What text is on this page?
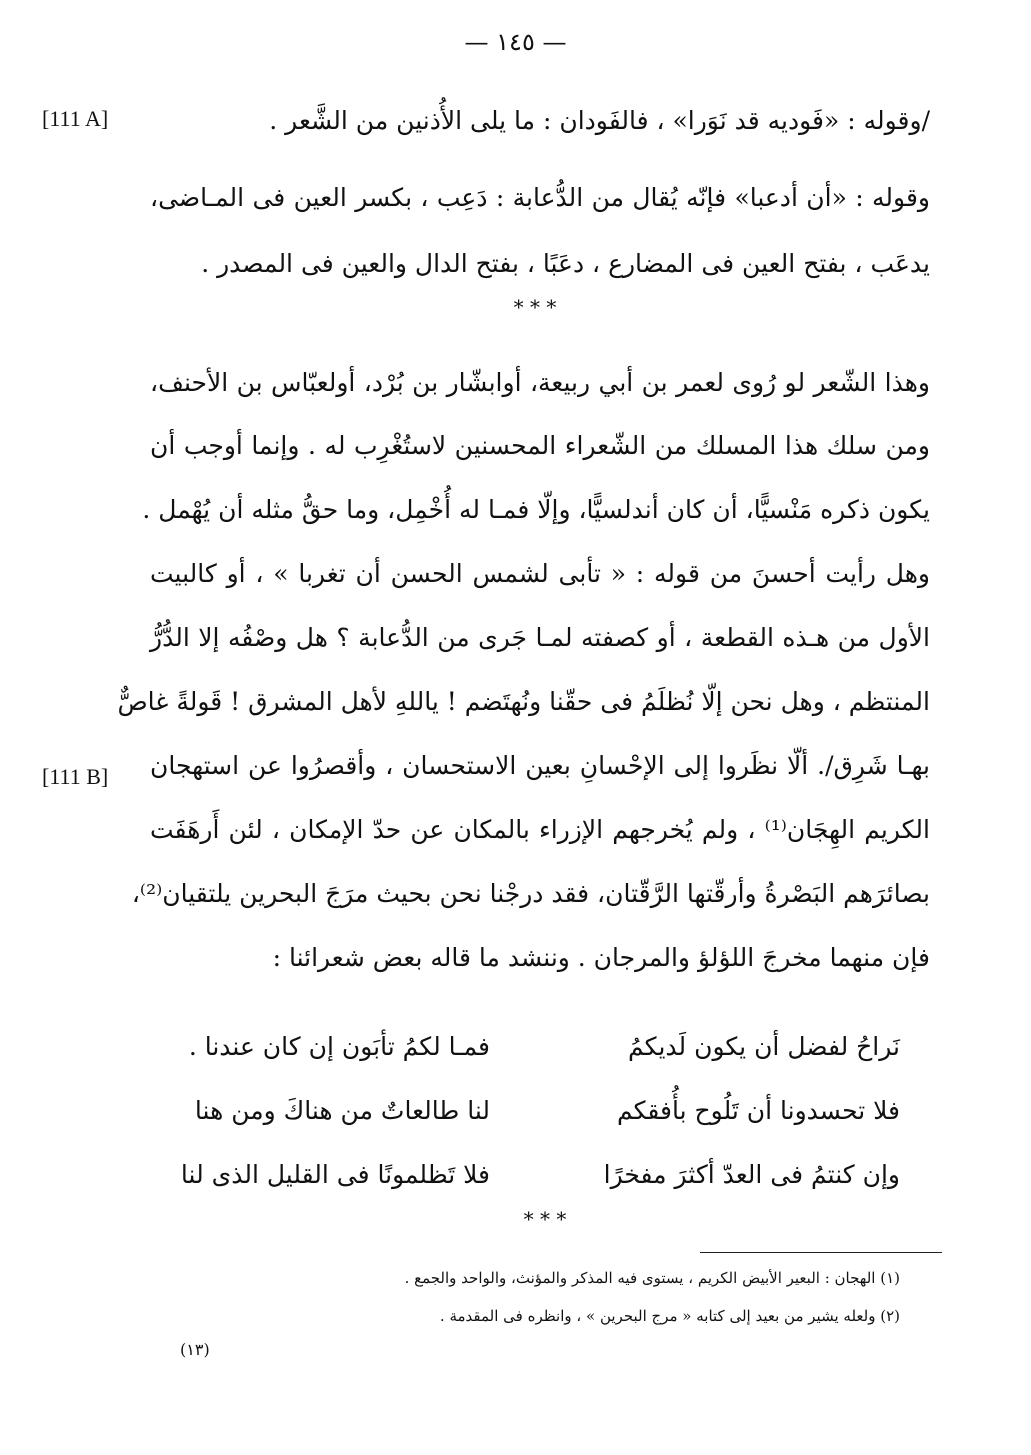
— ١٤٥ —
[111 A]
[111 B]
/وقوله : «فَوديه قد نَوَرا» ، فالفَودان : ما يلى الأُذنين من الشَّعر .
وقوله : «أن أدعبا» فإنّه يُقال من الدُّعابة : دَعِب ، بكسر العين فى المـاضى،
يدعَب ، بفتح العين فى المضارع ، دعَبًا ، بفتح الدال والعين فى المصدر .
* * *
وهذا الشّعر لو رُوى لعمر بن أبي ربيعة، أوابشّار بن بُرْد، أولعبّاس بن الأحنف،
ومن سلك هذا المسلك من الشّعراء المحسنين لاستُغْرِب له . وإنما أوجب أن
يكون ذكره مَنْسيًّا، أن كان أندلسيًّا، وإلّا فمـا له أُخْمِل، وما حقُّ مثله أن يُهْمل .
وهل رأيت أحسنَ من قوله : « تأبى لشمس الحسن أن تغربا » ، أو كالبيت
الأول من هـذه القطعة ، أو كصفته لمـا جَرى من الدُّعابة ؟ هل وصْفُه إلا الدُّرُّ
المنتظم ، وهل نحن إلّا نُظلَمُ فى حقّنا ونُهتَضم ! ياللهِ لأهل المشرق ! قَولةً غاصٌّ
بهـا شَرِق/. ألّا نظَروا إلى الإحْسانِ بعين الاستحسان ، وأقصرُوا عن استهجان
الكريم الهِجَان⁽¹⁾ ، ولم يُخرجهم الإزراء بالمكان عن حدّ الإمكان ، لئن أَرهَفَت
بصائرَهم البَصْرةُ وأرقّتها الرَّقّتان، فقد درجْنا نحن بحيث مرَجَ البحرين يلتقيان⁽²⁾،
فإن منهما مخرجَ اللؤلؤ والمرجان . وننشد ما قاله بعض شعرائنا :
نَراحُ لفضل أن يكون لَديكمُ
فمـا لكمُ تأبَون إن كان عندنا .
فلا تحسدونا أن تَلُوح بأُفقكم
لنا طالعاتٌ من هناكَ ومن هنا
وإن كنتمُ فى العدّ أكثرَ مفخرًا
فلا تَظلمونًا فى القليل الذى لنا
* * *
(١) الهجان : البعير الأبيض الكريم ، يستوى فيه المذكر والمؤنث، والواحد والجمع .
(٢) ولعله يشير من بعيد إلى كتابه « مرج البحرين » ، وانظره فى المقدمة .
(١٣)
